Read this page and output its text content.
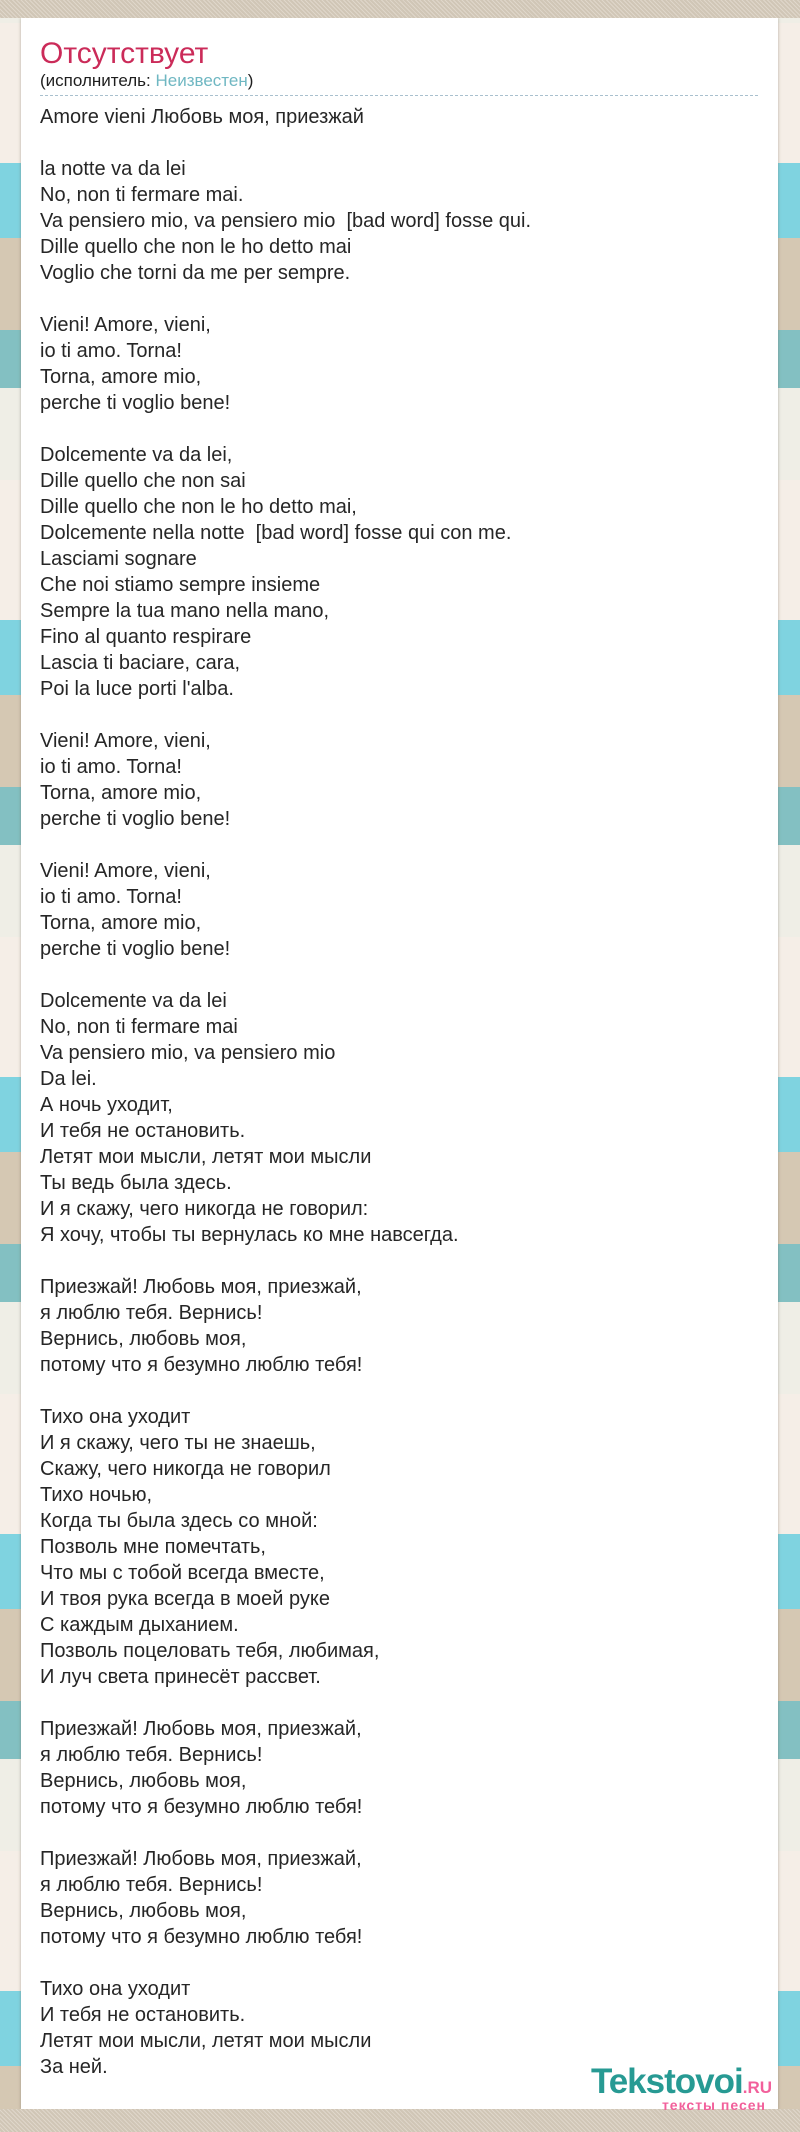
Отсутствует
(исполнитель: Неизвестен)

Amore vieni Любовь моя, приезжай

la notte va da lei
No, non ti fermare mai.
Va pensiero mio, va pensiero mio  [bad word] fosse qui.
Dille quello che non le ho detto mai
Voglio che torni da me per sempre.

Vieni! Amore, vieni,
io ti amo. Torna!
Torna, amore mio,
perche ti voglio bene!

Dolcemente va da lei,
Dille quello che non sai
Dille quello che non le ho detto mai,
Dolcemente nella notte  [bad word] fosse qui con me.
Lasciami sognare
Che noi stiamo sempre insieme
Sempre la tua mano nella mano,
Fino al quanto respirare
Lascia ti baciare, cara,
Poi la luce porti l'alba.

Vieni! Amore, vieni,
io ti amo. Torna!
Torna, amore mio,
perche ti voglio bene!

Vieni! Amore, vieni,
io ti amo. Torna!
Torna, amore mio,
perche ti voglio bene!

Dolcemente va da lei
No, non ti fermare mai
Va pensiero mio, va pensiero mio
Da lei.
А ночь уходит,
И тебя не остановить.
Летят мои мысли, летят мои мысли
Ты ведь была здесь.
И я скажу, чего никогда не говорил:
Я хочу, чтобы ты вернулась ко мне навсегда.

Приезжай! Любовь моя, приезжай,
я люблю тебя. Вернись!
Вернись, любовь моя,
потому что я безумно люблю тебя!

Тихо она уходит
И я скажу, чего ты не знаешь,
Скажу, чего никогда не говорил
Тихо ночью,
Когда ты была здесь со мной:
Позволь мне помечтать,
Что мы с тобой всегда вместе,
И твоя рука всегда в моей руке
С каждым дыханием.
Позволь поцеловать тебя, любимая,
И луч света принесёт рассвет.

Приезжай! Любовь моя, приезжай,
я люблю тебя. Вернись!
Вернись, любовь моя,
потому что я безумно люблю тебя!

Приезжай! Любовь моя, приезжай,
я люблю тебя. Вернись!
Вернись, любовь моя,
потому что я безумно люблю тебя!

Тихо она уходит
И тебя не остановить.
Летят мои мысли, летят мои мысли
За ней.	Tekstovoi.RU
тексты песен
